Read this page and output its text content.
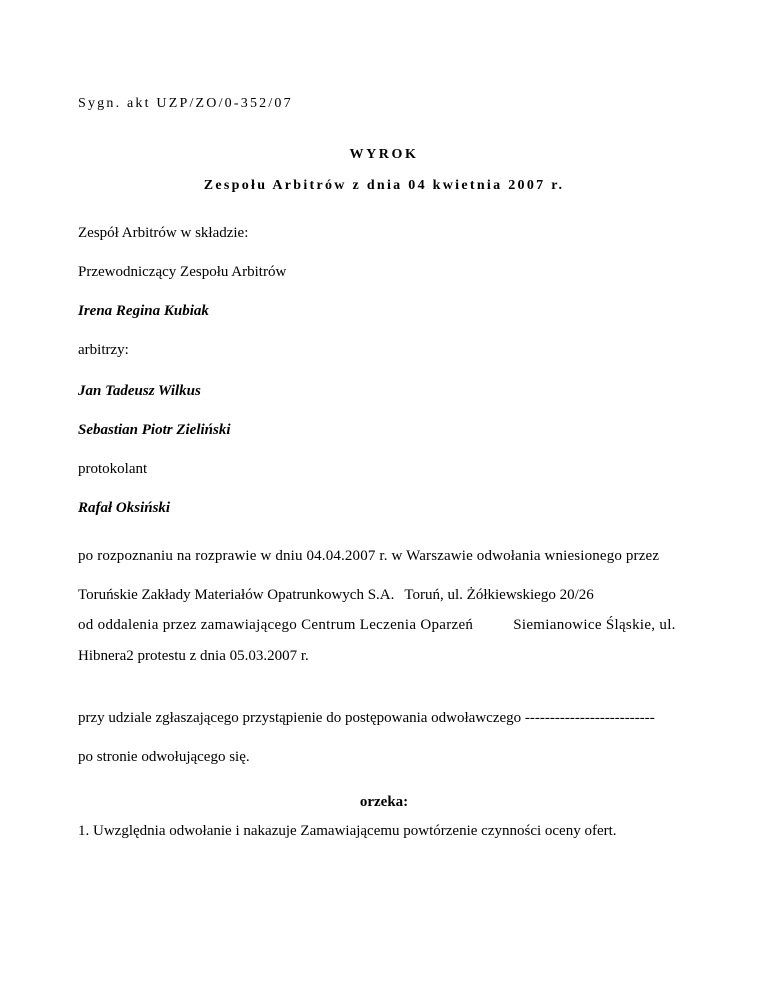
Sygn. akt UZP/ZO/0-352/07
WYROK
Zespołu Arbitrów z dnia 04 kwietnia 2007 r.
Zespół Arbitrów w składzie:
Przewodniczący Zespołu Arbitrów
Irena Regina Kubiak
arbitrzy:
Jan Tadeusz Wilkus
Sebastian Piotr Zieliński
protokolant
Rafał Oksiński
po rozpoznaniu na rozprawie w dniu 04.04.2007 r. w Warszawie odwołania wniesionego przez
Toruńskie Zakłady Materiałów Opatrunkowych S.A. Toruń, ul. Żółkiewskiego 20/26
od oddalenia przez zamawiającego Centrum Leczenia Oparzeń	Siemianowice Śląskie, ul.
Hibnera2 protestu z dnia 05.03.2007 r.
przy udziale zgłaszającego przystąpienie do postępowania odwoławczego --------------------------
po stronie odwołującego się.
orzeka:
1. Uwzględnia odwołanie i nakazuje Zamawiającemu powtórzenie czynności oceny ofert.
